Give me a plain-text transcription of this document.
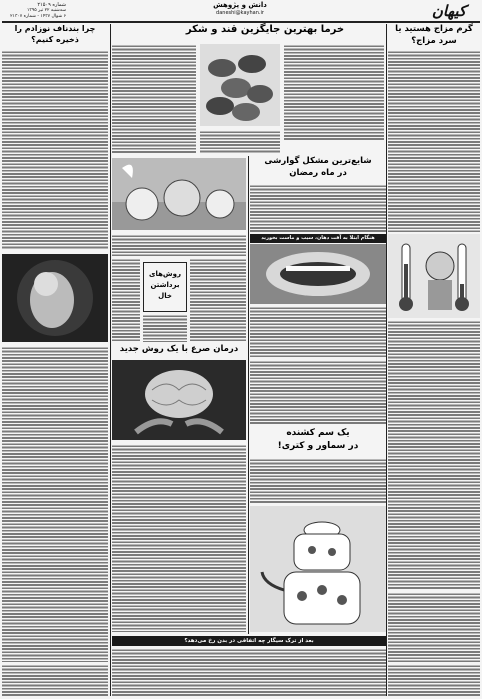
کیهان
دانش و پژوهش
daneshi@kayhan.ir
شماره ۲۱۵۰۹
سه‌شنبه ۲۲ تیر ۱۳۹۵
۶ شوال ۱۴۳۷ - شماره ۲۱۳۰۷
گرم مزاج هستید یا
سرد مزاج؟
چرا بندناف نوزادم را
ذخیره کنیم؟
خرما بهترین جایگزین قند و شکر
شایع‌ترین مشکل گوارشی
در ماه رمضان
هنگام ابتلا به آفت دهان، سیب و ماست بخورید
روش‌های برداشتن خال
درمان صرع با یک روش جدید
یک سم کشنده
در سماور و کتری!
بعد از ترک سیگار چه اتفاقی در بدن رخ می‌دهد؟
